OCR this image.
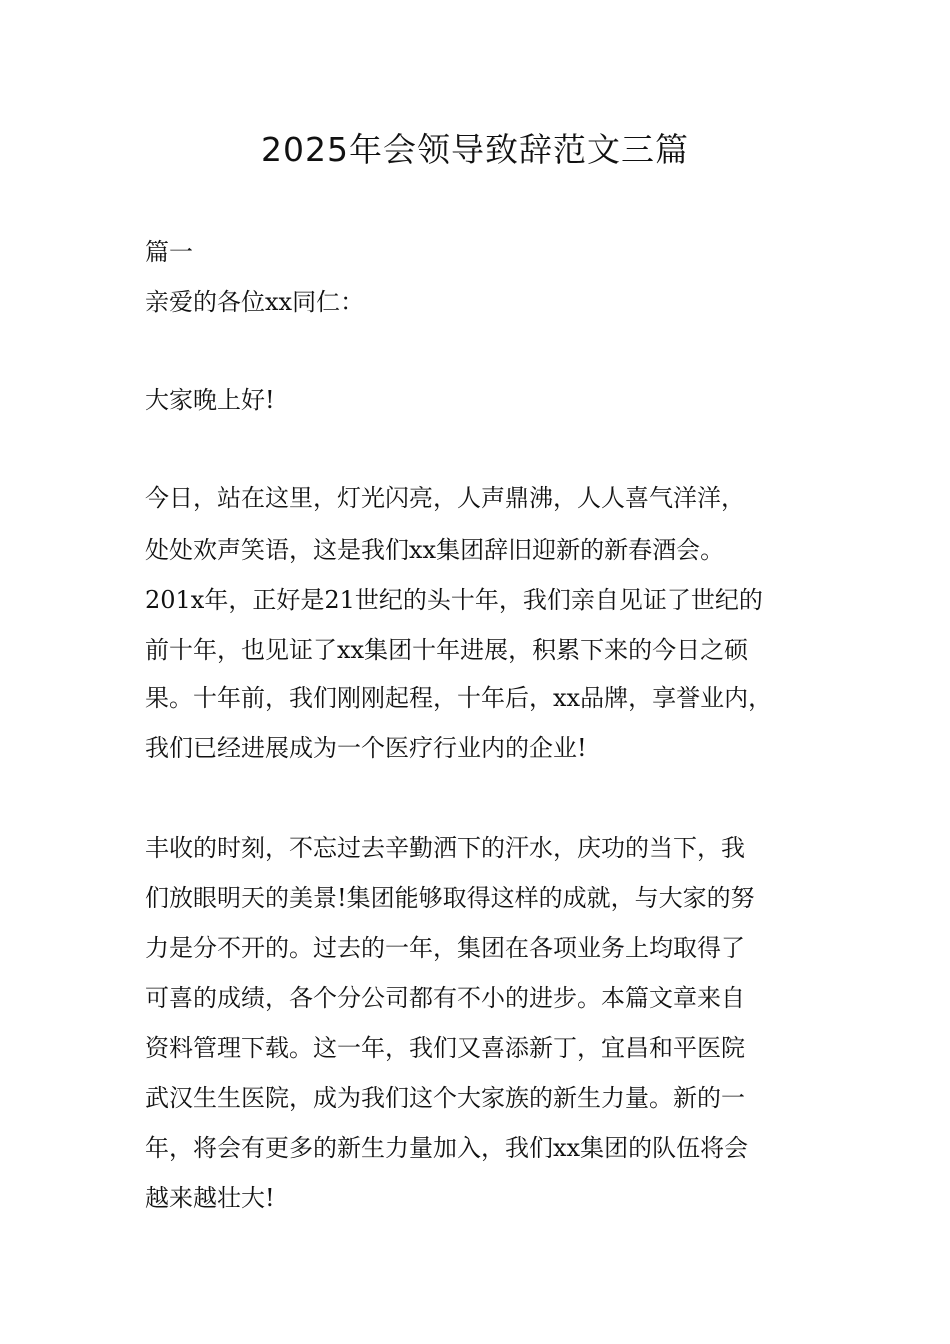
2025年会领导致辞范文三篇
篇一
亲爱的各位xx同仁：
大家晚上好!
今日，站在这里，灯光闪亮，人声鼎沸，人人喜气洋洋，
处处欢声笑语，这是我们xx集团辞旧迎新的新春酒会。
201x年，正好是21世纪的头十年，我们亲自见证了世纪的
前十年，也见证了xx集团十年进展，积累下来的今日之硕
果。十年前，我们刚刚起程，十年后，xx品牌，享誉业内，
我们已经进展成为一个医疗行业内的企业!
丰收的时刻，不忘过去辛勤洒下的汗水，庆功的当下，我
们放眼明天的美景!集团能够取得这样的成就，与大家的努
力是分不开的。过去的一年，集团在各项业务上均取得了
可喜的成绩，各个分公司都有不小的进步。本篇文章来自
资料管理下载。这一年，我们又喜添新丁，宜昌和平医院
武汉生生医院，成为我们这个大家族的新生力量。新的一
年，将会有更多的新生力量加入，我们xx集团的队伍将会
越来越壮大!
